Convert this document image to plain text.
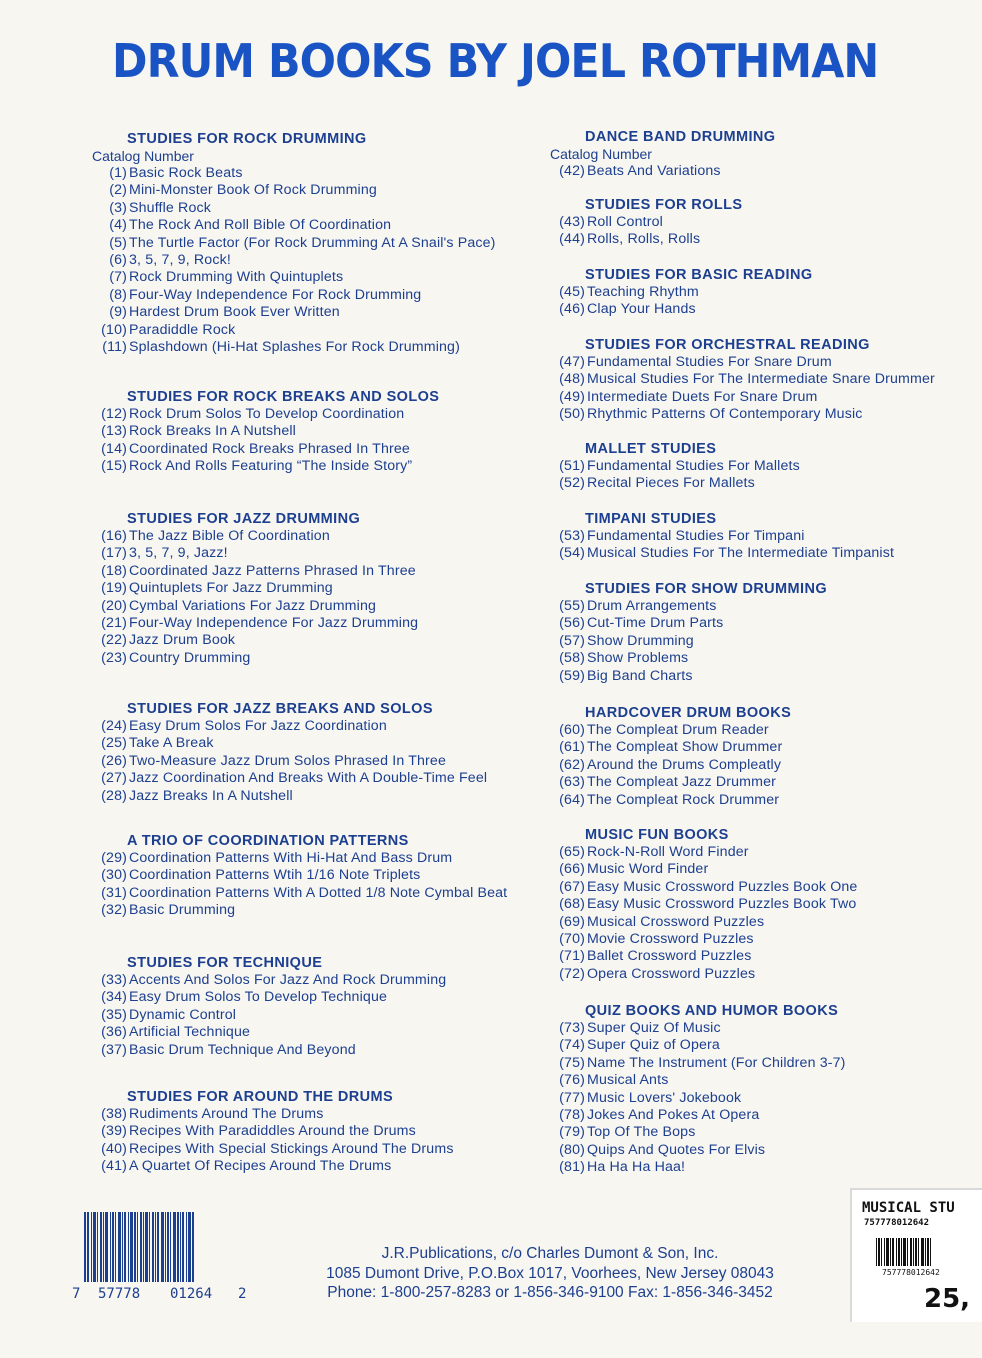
DRUM BOOKS BY JOEL ROTHMAN
STUDIES FOR ROCK DRUMMING
Catalog Number
(1) Basic Rock Beats
(2) Mini-Monster Book Of Rock Drumming
(3) Shuffle Rock
(4) The Rock And Roll Bible Of Coordination
(5) The Turtle Factor (For Rock Drumming At A Snail's Pace)
(6) 3, 5, 7, 9, Rock!
(7) Rock Drumming With Quintuplets
(8) Four-Way Independence For Rock Drumming
(9) Hardest Drum Book Ever Written
(10) Paradiddle Rock
(11) Splashdown (Hi-Hat Splashes For Rock Drumming)
STUDIES FOR ROCK BREAKS AND SOLOS
(12) Rock Drum Solos To Develop Coordination
(13) Rock Breaks In A Nutshell
(14) Coordinated Rock Breaks Phrased In Three
(15) Rock And Rolls Featuring “The Inside Story”
STUDIES FOR JAZZ DRUMMING
(16) The Jazz Bible Of Coordination
(17) 3, 5, 7, 9, Jazz!
(18) Coordinated Jazz Patterns Phrased In Three
(19) Quintuplets For Jazz Drumming
(20) Cymbal Variations For Jazz Drumming
(21) Four-Way Independence For Jazz Drumming
(22) Jazz Drum Book
(23) Country Drumming
STUDIES FOR JAZZ BREAKS AND SOLOS
(24) Easy Drum Solos For Jazz Coordination
(25) Take A Break
(26) Two-Measure Jazz Drum Solos Phrased In Three
(27) Jazz Coordination And Breaks With A Double-Time Feel
(28) Jazz Breaks In A Nutshell
A TRIO OF COORDINATION PATTERNS
(29) Coordination Patterns With Hi-Hat And Bass Drum
(30) Coordination Patterns Wtih 1/16 Note Triplets
(31) Coordination Patterns With A Dotted 1/8 Note Cymbal Beat
(32) Basic Drumming
STUDIES FOR TECHNIQUE
(33) Accents And Solos For Jazz And Rock Drumming
(34) Easy Drum Solos To Develop Technique
(35) Dynamic Control
(36) Artificial Technique
(37) Basic Drum Technique And Beyond
STUDIES FOR AROUND THE DRUMS
(38) Rudiments Around The Drums
(39) Recipes With Paradiddles Around the Drums
(40) Recipes With Special Stickings Around The Drums
(41) A Quartet Of Recipes Around The Drums
DANCE BAND DRUMMING
Catalog Number
(42) Beats And Variations
STUDIES FOR ROLLS
(43) Roll Control
(44) Rolls, Rolls, Rolls
STUDIES FOR BASIC READING
(45) Teaching Rhythm
(46) Clap Your Hands
STUDIES FOR ORCHESTRAL READING
(47) Fundamental Studies For Snare Drum
(48) Musical Studies For The Intermediate Snare Drummer
(49) Intermediate Duets For Snare Drum
(50) Rhythmic Patterns Of Contemporary Music
MALLET STUDIES
(51) Fundamental Studies For Mallets
(52) Recital Pieces For Mallets
TIMPANI STUDIES
(53) Fundamental Studies For Timpani
(54) Musical Studies For The Intermediate Timpanist
STUDIES FOR SHOW DRUMMING
(55) Drum Arrangements
(56) Cut-Time Drum Parts
(57) Show Drumming
(58) Show Problems
(59) Big Band Charts
HARDCOVER DRUM BOOKS
(60) The Compleat Drum Reader
(61) The Compleat Show Drummer
(62) Around the Drums Compleatly
(63) The Compleat Jazz Drummer
(64) The Compleat Rock Drummer
MUSIC FUN BOOKS
(65) Rock-N-Roll Word Finder
(66) Music Word Finder
(67) Easy Music Crossword Puzzles Book One
(68) Easy Music Crossword Puzzles Book Two
(69) Musical Crossword Puzzles
(70) Movie Crossword Puzzles
(71) Ballet Crossword Puzzles
(72) Opera Crossword Puzzles
QUIZ BOOKS AND HUMOR BOOKS
(73) Super Quiz Of Music
(74) Super Quiz of Opera
(75) Name The Instrument (For Children 3-7)
(76) Musical Ants
(77) Music Lovers' Jokebook
(78) Jokes And Pokes At Opera
(79) Top Of The Bops
(80) Quips And Quotes For Elvis
(81) Ha Ha Ha Haa!
J.R.Publications, c/o Charles Dumont & Son, Inc.
1085 Dumont Drive, P.O.Box 1017, Voorhees, New Jersey 08043
Phone: 1-800-257-8283 or 1-856-346-9100 Fax: 1-856-346-3452
7 57778 01264 2
MUSICAL STU
757778012642
757778012642
25,
